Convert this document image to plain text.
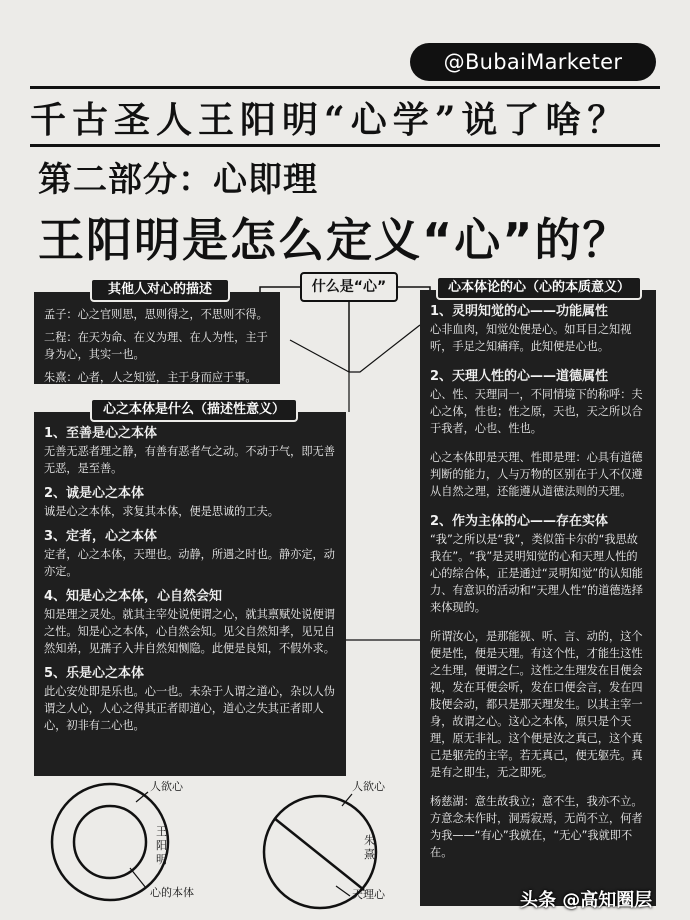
@BubaiMarketer
千古圣人王阳明“心学”说了啥？
第二部分：心即理
王阳明是怎么定义“心”的？
什么是“心”

孟子：心之官则思，思则得之，不思则不得。

二程：在天为命、在义为理、在人为性，主于身为心，其实一也。

朱熹：心者，人之知觉，主于身而应于事。

其他人对心的描述

1、至善是心之本体

无善无恶者理之静，有善有恶者气之动。不动于气，即无善无恶，是至善。

2、诚是心之本体

诚是心之本体，求复其本体，便是思诚的工夫。

3、定者，心之本体

定者，心之本体，天理也。动静，所遇之时也。静亦定，动亦定。

4、知是心之本体，心自然会知

知是理之灵处。就其主宰处说便谓之心，就其禀赋处说便谓之性。知是心之本体，心自然会知。见父自然知孝，见兄自然知弟，见孺子入井自然知恻隐。此便是良知，不假外求。

5、乐是心之本体

此心安处即是乐也。心一也。未杂于人谓之道心，杂以人伪谓之人心，人心之得其正者即道心，道心之失其正者即人心，初非有二心也。

心之本体是什么（描述性意义）

1、灵明知觉的心——功能属性

心非血肉，知觉处便是心。如耳目之知视听，手足之知痛痒。此知便是心也。

2、天理人性的心——道德属性

心、性、天理同一，不同情境下的称呼：夫心之体，性也；性之原，天也，天之所以合于我者，心也、性也。

心之本体即是天理、性即是理：心具有道德判断的能力，人与万物的区别在于人不仅遵从自然之理，还能遵从道德法则的天理。

2、作为主体的心——存在实体

“我”之所以是“我”，类似笛卡尔的“我思故我在”。“我”是灵明知觉的心和天理人性的心的综合体，正是通过“灵明知觉”的认知能力、有意识的活动和“天理人性”的道德选择来体现的。

所谓汝心，是那能视、听、言、动的，这个便是性，便是天理。有这个性，才能生这性之生理，便谓之仁。这性之生理发在目便会视，发在耳便会听，发在口便会言，发在四肢便会动，都只是那天理发生。以其主宰一身，故谓之心。这心之本体，原只是个天理，原无非礼。这个便是汝之真己，这个真己是躯壳的主宰。若无真己，便无躯壳。真是有之即生，无之即死。

杨慈湖：意生故我立；意不生，我亦不立。方意念未作时，洞焉寂焉，无尚不立，何者为我——“有心”我就在，“无心”我就即不在。

心本体论的心（心的本质意义）
人欲心
王阳明
心的本体
人欲心
朱熹
天理心	头条 @高知圈层
